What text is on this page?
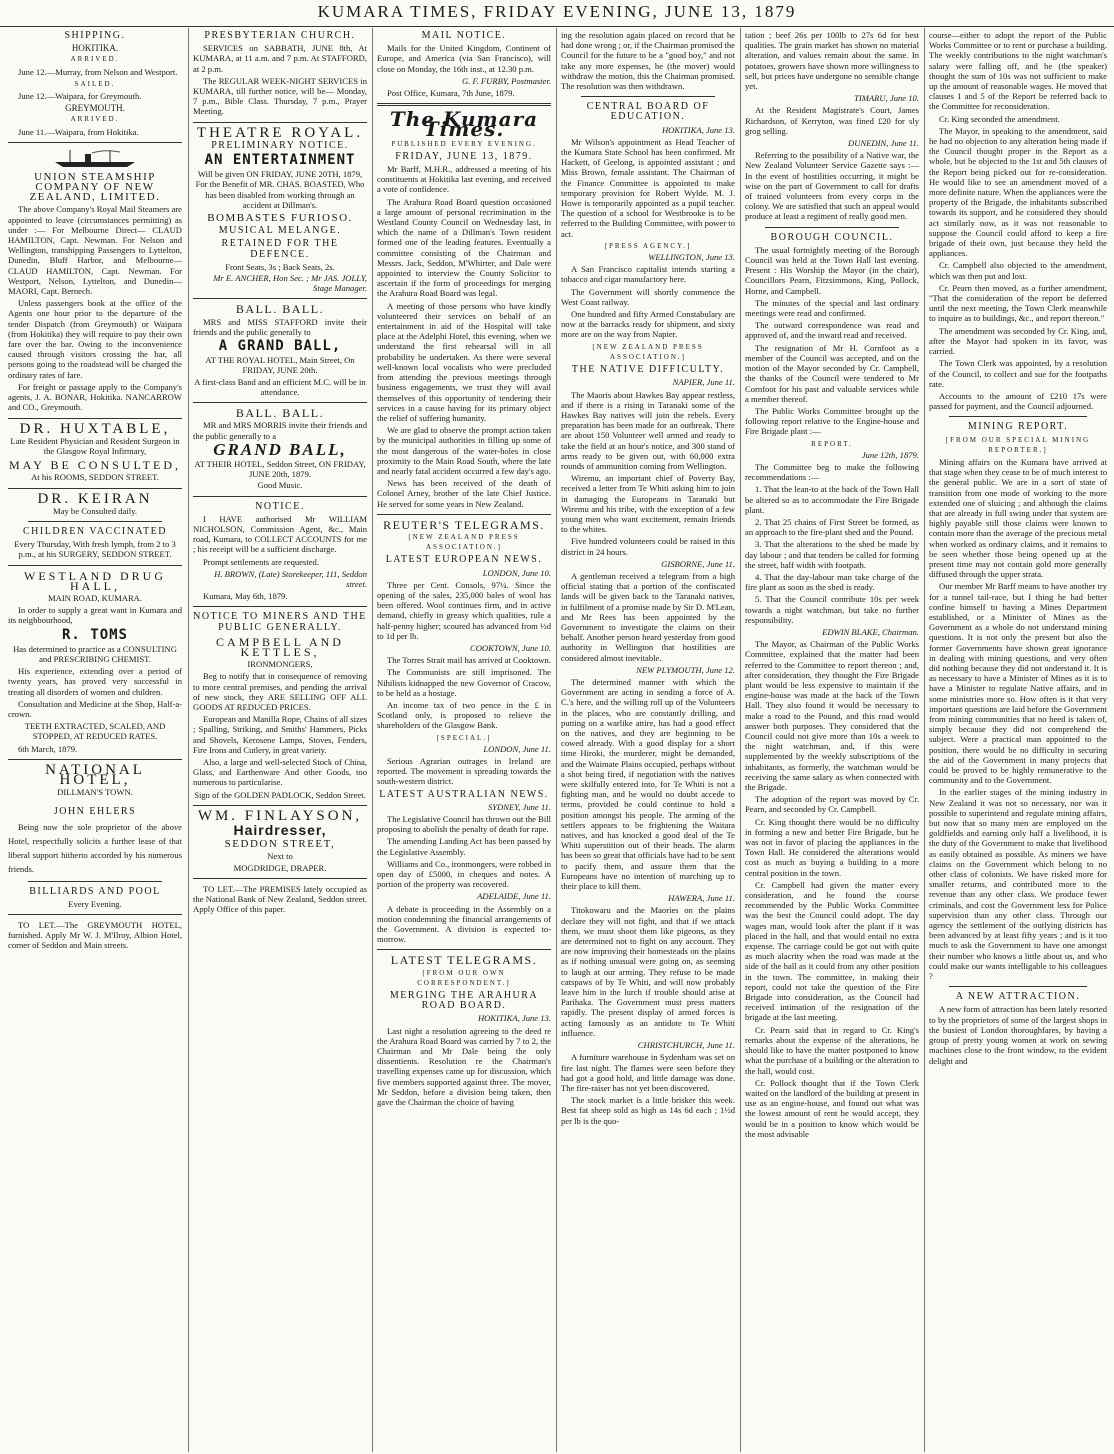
KUMARA TIMES, FRIDAY EVENING, JUNE 13, 1879
SHIPPING.
HOKITIKA.
ARRIVED.

June 12.—Murray, from Nelson and Westport.

SAILED.

June 12.—Waipara, for Greymouth.

GREYMOUTH.
ARRIVED.

June 11.—Waipara, from Hokitika.

UNION STEAMSHIP COMPANY OF NEW ZEALAND, LIMITED.

The above Company's Royal Mail Steamers are appointed to leave (circumstances permitting) as under :— For Melbourne Direct— CLAUD HAMILTON, Capt. Newman. For Nelson and Wellington, transhipping Passengers to Lyttelton, Dunedin, Bluff Harbor, and Melbourne— CLAUD HAMILTON, Capt. Newman. For Westport, Nelson, Lyttelton, and Dunedin— MAORI, Capt. Bernech.

Unless passengers book at the office of the Agents one hour prior to the departure of the tender Dispatch (from Greymouth) or Waipara (from Hokitika) they will require to pay their own fare over the bar. Owing to the inconvenience caused through visitors crossing the bar, all persons going to the roadstead will be charged the ordinary rates of fare.

For freight or passage apply to the Company's agents, J. A. BONAR, Hokitika. NANCARROW and CO., Greymouth.

DR. HUXTABLE,
Late Resident Physician and Resident Surgeon in the Glasgow Royal Infirmary,
MAY BE CONSULTED,
At his ROOMS, SEDDON STREET.
DR. KEIRAN
May be Consulted daily.
CHILDREN VACCINATED
Every Thursday, With fresh lymph, from 2 to 3 p.m., at his SURGERY, SEDDON STREET.
WESTLAND DRUG HALL,
MAIN ROAD, KUMARA.

In order to supply a great want in Kumara and its neighbourhood,

R. TOMS
Has determined to practice as a CONSULTING and PRESCRIBING CHEMIST.

His experience, extending over a period of twenty years, has proved very successful in treating all disorders of women and children.

Consultation and Medicine at the Shop, Half-a-crown.

TEETH EXTRACTED, SCALED, AND STOPPED, AT REDUCED RATES.

6th March, 1879.

NATIONAL HOTEL,
DILLMAN'S TOWN.
JOHN EHLERS

Being now the sole proprietor of the above Hotel, respectfully solicits a further lease of that liberal support hitherto accorded by his numerous friends.

BILLIARDS AND POOL
Every Evening.

TO LET.—The GREYMOUTH HOTEL, furnished. Apply Mr W. J. M'Ilroy, Albion Hotel, corner of Seddon and Main streets.

PRESBYTERIAN CHURCH.

SERVICES on SABBATH, JUNE 8th, At KUMARA, at 11 a.m. and 7 p.m. At STAFFORD, at 2 p.m.

The REGULAR WEEK-NIGHT SERVICES in KUMARA, till further notice, will be— Monday, 7 p.m., Bible Class. Thursday, 7 p.m., Prayer Meeting.

THEATRE ROYAL.
PRELIMINARY NOTICE.
AN ENTERTAINMENT
Will be given ON FRIDAY, JUNE 20TH, 1879, For the Benefit of MR. CHAS. BOASTED, Who has been disabled from working through an accident at Dillman's.
BOMBASTES FURIOSO.
MUSICAL MELANGE.
RETAINED FOR THE DEFENCE.
Front Seats, 3s ; Back Seats, 2s.
Mr E. ANCHER, Hon Sec. ; Mr JAS. JOLLY, Stage Manager.
BALL. BALL.

MRS and MISS STAFFORD invite their friends and the public generally to

A GRAND BALL,
AT THE ROYAL HOTEL, Main Street, On FRIDAY, JUNE 20th.
A first-class Band and an efficient M.C. will be in attendance.
BALL. BALL.

MR and MRS MORRIS invite their friends and the public generally to a

GRAND BALL,
AT THEIR HOTEL, Seddon Street, ON FRIDAY, JUNE 20th, 1879.
Good Music.
NOTICE.

I HAVE authorised Mr WILLIAM NICHOLSON, Commission Agent, &c., Main road, Kumara, to COLLECT ACCOUNTS for me ; his receipt will be a sufficient discharge.

Prompt settlements are requested.

H. BROWN, (Late) Storekeeper, 111, Seddon street.

Kumara, May 6th, 1879.

NOTICE TO MINERS AND THE PUBLIC GENERALLY.
CAMPBELL AND KETTLES,
IRONMONGERS,

Beg to notify that in consequence of removing to more central premises, and pending the arrival of new stock, they ARE SELLING OFF ALL GOODS AT REDUCED PRICES.

European and Manilla Rope, Chains of all sizes ; Spalling, Striking, and Smiths' Hammers, Picks and Shovels, Kerosene Lamps, Stoves, Fenders, Fire Irons and Cutlery, in great variety.

Also, a large and well-selected Stock of China, Glass, and Earthenware And other Goods, too numerous to particularise.

Sign of the GOLDEN PADLOCK, Seddon Street.
WM. FINLAYSON,
Hairdresser,
SEDDON STREET,
Next to
MOGDRIDGE, DRAPER.

TO LET.—The PREMISES lately occupied as the National Bank of New Zealand, Seddon street. Apply Office of this paper.

MAIL NOTICE.

Mails for the United Kingdom, Continent of Europe, and America (via San Francisco), will close on Monday, the 16th inst., at 12.30 p.m.

G. F. FURBY, Postmaster.

Post Office, Kumara, 7th June, 1879.

The Kumara Times.
PUBLISHED EVERY EVENING.
FRIDAY, JUNE 13, 1879.

Mr Barff, M.H.R., addressed a meeting of his constituents at Hokitika last evening, and received a vote of confidence.

The Arahura Road Board question occasioned a large amount of personal recrimination in the Westland County Council on Wednesday last, in which the name of a Dillman's Town resident formed one of the leading features. Eventually a committee consisting of the Chairman and Messrs. Jack, Seddon, M'Whirter, and Dale were appointed to interview the County Solicitor to ascertain if the form of proceedings for merging the Arahura Road Board was legal.

A meeting of those persons who have kindly volunteered their services on behalf of an entertainment in aid of the Hospital will take place at the Adelphi Hotel, this evening, when we understand the first rehearsal will in all probability be undertaken. As there were several well-known local vocalists who were precluded from attending the previous meetings through business engagements, we trust they will avail themselves of this opportunity of tendering their services in a cause having for its primary object the relief of suffering humanity.

We are glad to observe the prompt action taken by the municipal authorities in filling up some of the most dangerous of the water-holes in close proximity to the Main Road South, where the late and nearly fatal accident occurred a few day's ago.

News has been received of the death of Colonel Arney, brother of the late Chief Justice. He served for some years in New Zealand.

REUTER'S TELEGRAMS.
[NEW ZEALAND PRESS ASSOCIATION.]
LATEST EUROPEAN NEWS.
LONDON, June 10.

Three per Cent. Consols, 97¼. Since the opening of the sales, 235,000 bales of wool has been offered. Wool continues firm, and in active demand, chiefly in greasy which qualities, rule a half-penny higher; scoured has advanced from ½d to 1d per lb.

COOKTOWN, June 10.

The Torres Strait mail has arrived at Cooktown.

The Communists are still imprisoned. The Nihilists kidnapped the new Governor of Cracow, to be held as a hostage.

An income tax of two pence in the £ in Scotland only, is proposed to relieve the shareholders of the Glasgow Bank.

[SPECIAL.]
LONDON, June 11.

Serious Agrarian outrages in Ireland are reported. The movement is spreading towards the south-western district.

LATEST AUSTRALIAN NEWS.
SYDNEY, June 11.

The Legislative Council has thrown out the Bill proposing to abolish the penalty of death for rape.

The amending Landing Act has been passed by the Legislative Assembly.

Williams and Co., ironmongers, were robbed in open day of £5000, in cheques and notes. A portion of the property was recovered.

ADELAIDE, June 11.

A debate is proceeding in the Assembly on a motion condemning the financial arrangements of the Government. A division is expected to-morrow.

LATEST TELEGRAMS.
[FROM OUR OWN CORRESPONDENT.]
MERGING THE ARAHURA ROAD BOARD.
HOKITIKA, June 13.

Last night a resolution agreeing to the deed re the Arahura Road Board was carried by 7 to 2, the Chairman and Mr Dale being the only dissentients. Resolution re the Chairman's travelling expenses came up for discussion, which five members supported against three. The mover, Mr Seddon, before a division being taken, then gave the Chairman the choice of having

ing the resolution again placed on record that he had done wrong ; or, if the Chairman promised the Council for the future to be a "good boy," and not take any more expenses, he (the mover) would withdraw the motion, this the Chairman promised. The resolution was then withdrawn.

CENTRAL BOARD OF EDUCATION.
HOKITIKA, June 13.

Mr Wilson's appointment as Head Teacher of the Kumara State School has been confirmed. Mr Hackett, of Geelong, is appointed assistant ; and Miss Brown, female assistant. The Chairman of the Finance Committee is appointed to make temporary provision for Robert Wylde. M. J. Howe is temporarily appointed as a pupil teacher. The question of a school for Westbrooke is to be referred to the Building Committee, with power to act.

[PRESS AGENCY.]
WELLINGTON, June 13.

A San Francisco capitalist intends starting a tobacco and cigar manufactory here.

The Government will shortly commence the West Coast railway.

One hundred and fifty Armed Constabulary are now at the barracks ready for shipment, and sixty more are on the way from Napier.

[NEW ZEALAND PRESS ASSOCIATION.]
THE NATIVE DIFFICULTY.
NAPIER, June 11.

The Maoris about Hawkes Bay appear restless, and if there is a rising in Taranaki some of the Hawkes Bay natives will join the rebels. Every preparation has been made for an outbreak. There are about 150 Volunteer well armed and ready to take the field at an hour's notice, and 300 stand of arms ready to be given out, with 60,000 extra rounds of ammunition coming from Wellington.

Wiremu, an important chief of Poverty Bay, received a letter from Te Whiti asking him to join in damaging the Europeans in Taranaki but Wiremu and his tribe, with the exception of a few young men who want excitement, remain friends to the whites.

Five hundred volunteers could be raised in this district in 24 hours.

GISBORNE, June 11.

A gentleman received a telegram from a high official stating that a portion of the confiscated lands will be given back to the Taranaki natives, in fulfilment of a promise made by Sir D. M'Lean, and Mr Rees has been appointed by the Government to investigate the claims on their behalf. Another person heard yesterday from good authority in Wellington that hostilities are considered almost inevitable.

NEW PLYMOUTH, June 12.

The determined manner with which the Government are acting in sending a force of A. C.'s here, and the willing roll up of the Volunteers in the places, who are constantly drilling, and putting on a warlike attire, has had a good effect on the natives, and they are beginning to be cowed already. With a good display for a short time Hiroki, the murderer, might be demanded, and the Waimate Plains occupied, perhaps without a shot being fired, if negotiation with the natives were skilfully entered into, for Te Whiti is not a fighting man, and he would no doubt accede to terms, provided he could continue to hold a position amongst his people. The arming of the settlers appears to be frightening the Waitara natives, and has knocked a good deal of the Te Whiti superstition out of their heads. The alarm has been so great that officials have had to be sent to pacify them, and assure them that the Europeans have no intention of marching up to their place to kill them.

HAWERA, June 11.

Titokowaru and the Maories on the plains declare they will not fight, and that if we attack them, we must shoot them like pigeons, as they are determined not to fight on any account. They are now improving their homesteads on the plains as if nothing unusual were going on, as seeming to laugh at our arming. They refuse to be made catspaws of by Te Whiti, and will now probably leave him in the lurch if trouble should arise at Parihaka. The Government must press matters rapidly. The present display of armed forces is acting famously as an antidote to Te Whiti influence.

CHRISTCHURCH, June 11.

A furniture warehouse in Sydenham was set on fire last night. The flames were seen before they had got a good hold, and little damage was done. The fire-raiser has not yet been discovered.

The stock market is a little brisker this week. Best fat sheep sold as high as 14s 6d each ; 1½d per lb is the quo-

tation ; beef 26s per 100lb to 27s 6d for best qualities. The grain market has shown no material alteration, and values remain about the same. In potatoes, growers have shown more willingness to sell, but prices have undergone no sensible change yet.

TIMARU, June 10.

At the Resident Magistrate's Court, James Richardson, of Kerryton, was fined £20 for sly grog selling.

DUNEDIN, June 11.

Referring to the possibility of a Native war, the New Zealand Volunteer Service Gazette says :—In the event of hostilities occurring, it might be wise on the part of Government to call for drafts of trained volunteers from every corps in the colony. We are satisfied that such an appeal would produce at least a regiment of really good men.

BOROUGH COUNCIL.

The usual fortnightly meeting of the Borough Council was held at the Town Hall last evening. Present : His Worship the Mayor (in the chair), Councillors Pearn, Fitzsimmons, King, Pollock, Horne, and Campbell.

The minutes of the special and last ordinary meetings were read and confirmed.

The outward correspondence was read and approved of, and the inward read and received.

The resignation of Mr H. Cornfoot as a member of the Council was accepted, and on the motion of the Mayor seconded by Cr. Campbell, the thanks of the Council were tendered to Mr Cornfoot for his past and valuable services while a member thereof.

The Public Works Committee brought up the following report relative to the Engine-house and Fire Brigade plant :—

REPORT.
June 12th, 1879.

The Committee beg to make the following recommendations :—

1. That the lean-to at the back of the Town Hall be altered so as to accommodate the Fire Brigade plant.

2. That 25 chains of First Street be formed, as an approach to the fire-plant shed and the Pound.

3. That the alterations to the shed be made by day labour ; and that tenders be called for forming the street, half width with footpath.

4. That the day-labour man take charge of the fire plant as soon as the shed is ready.

5. That the Council contribute 10s per week towards a night watchman, but take no further responsibility.

EDWIN BLAKE, Chairman.

The Mayor, as Chairman of the Public Works Committee, explained that the matter had been referred to the Committee to report thereon ; and, after consideration, they thought the Fire Brigade plant would be less expensive to maintain if the engine-house was made at the back of the Town Hall. They also found it would be necessary to make a road to the Pound, and this road would answer both purposes. They considered that the Council could not give more than 10s a week to the night watchman, and, if this were supplemented by the weekly subscriptions of the inhabitants, as formerly, the watchman would be receiving the same salary as when connected with the Brigade.

The adoption of the report was moved by Cr. Pearn, and seconded by Cr. Campbell.

Cr. King thought there would be no difficulty in forming a new and better Fire Brigade, but he was not in favor of placing the appliances in the Town Hall. He considered the alterations would cost as much as buying a building in a more central position in the town.

Cr. Campbell had given the matter every consideration, and he found the course recommended by the Public Works Committee was the best the Council could adopt. The day wages man, would look after the plant if it was placed in the hall, and that would entail no extra expense. The carriage could be got out with quite as much alacrity when the road was made at the side of the hall as it could from any other position in the town. The committee, in making their report, could not take the question of the Fire Brigade into consideration, as the Council had received intimation of the resignation of the brigade at the last meeting.

Cr. Pearn said that in regard to Cr. King's remarks about the expense of the alterations, he should like to have the matter postponed to know what the purchase of a building or the alteration to the hall, would cost.

Cr. Pollock thought that if the Town Clerk waited on the landlord of the building at present in use as an engine-house, and found out what was the lowest amount of rent he would accept, they would be in a position to know which would be the most advisable

course—either to adopt the report of the Public Works Committee or to rent or purchase a building. The weekly contributions to the night watchman's salary were falling off, and he (the speaker) thought the sum of 10s was not sufficient to make up the amount of reasonable wages. He moved that clauses 1 and 5 of the Report be referred back to the Committee for reconsideration.

Cr. King seconded the amendment.

The Mayor, in speaking to the amendment, said he had no objection to any alteration being made if the Council thought proper in the Report as a whole, but he objected to the 1st and 5th clauses of the Report being picked out for re-consideration. He would like to see an amendment moved of a more definite nature. When the appliances were the property of the Brigade, the inhabitants subscribed towards its support, and he considered they should act similarly now, as it was not reasonable to suppose the Council could afford to keep a fire brigade of their own, just because they held the appliances.

Cr. Campbell also objected to the amendment, which was then put and lost.

Cr. Pearn then moved, as a further amendment, "That the consideration of the report be deferred until the next meeting, the Town Clerk meanwhile to inquire as to buildings, &c., and report thereon."

The amendment was seconded by Cr. King, and, after the Mayor had spoken in its favor, was carried.

The Town Clerk was appointed, by a resolution of the Council, to collect and sue for the footpaths rate.

Accounts to the amount of £210 17s were passed for payment, and the Council adjourned.

MINING REPORT.
[FROM OUR SPECIAL MINING REPORTER.]

Mining affairs on the Kumara have arrived at that stage when they cease to be of much interest to the general public. We are in a sort of state of transition from one mode of working to the more extended one of sluicing ; and although the claims that are already in full swing under that system are highly payable still those claims were known to contain more than the average of the precious metal when worked as ordinary claims, and it remains to be seen whether those being opened up at the present time may not contain gold more generally diffused through the upper strata.

Our member Mr Barff means to have another try for a tunnel tail-race, but I thing he had better confine himself to having a Mines Department established, or a Minister of Mines as the Government as a whole do not understand mining questions. It is not only the present but also the former Governments have shown great ignorance in dealing with mining questions, and very often did nothing because they did not understand it. It is as necessary to have a Minister of Mines as it is to have a Minister to regulate Native affairs, and in some ministries more so. How often is it that very important questions are laid before the Government from mining communities that no heed is taken of, simply because they did not comprehend the subject. Were a practical man appointed to the position, there would be no difficulty in securing the aid of the Government in many projects that could be proved to be highly remunerative to the community and to the Government.

In the earlier stages of the mining industry in New Zealand it was not so necessary, nor was it possible to superintend and regulate mining affairs, but now that so many men are employed on the goldfields and earning only half a livelihood, it is the duty of the Government to make that livelihood as easily obtained as possible. As miners we have claims on the Government which belong to no other class of colonists. We have risked more for smaller returns, and contributed more to the revenue than any other class. We produce fewer criminals, and cost the Government less for Police supervision than any other class. Through our agency the settlement of the outlying districts has been advanced by at least fifty years ; and is it too much to ask the Government to have one amongst their number who knows a little about us, and who could make our wants intelligable to his colleagues ?

A NEW ATTRACTION.

A new form of attraction has been lately resorted to by the proprietors of some of the largest shops in the busiest of London thoroughfares, by having a group of pretty young women at work on sewing machines close to the front window, to the evident delight and
